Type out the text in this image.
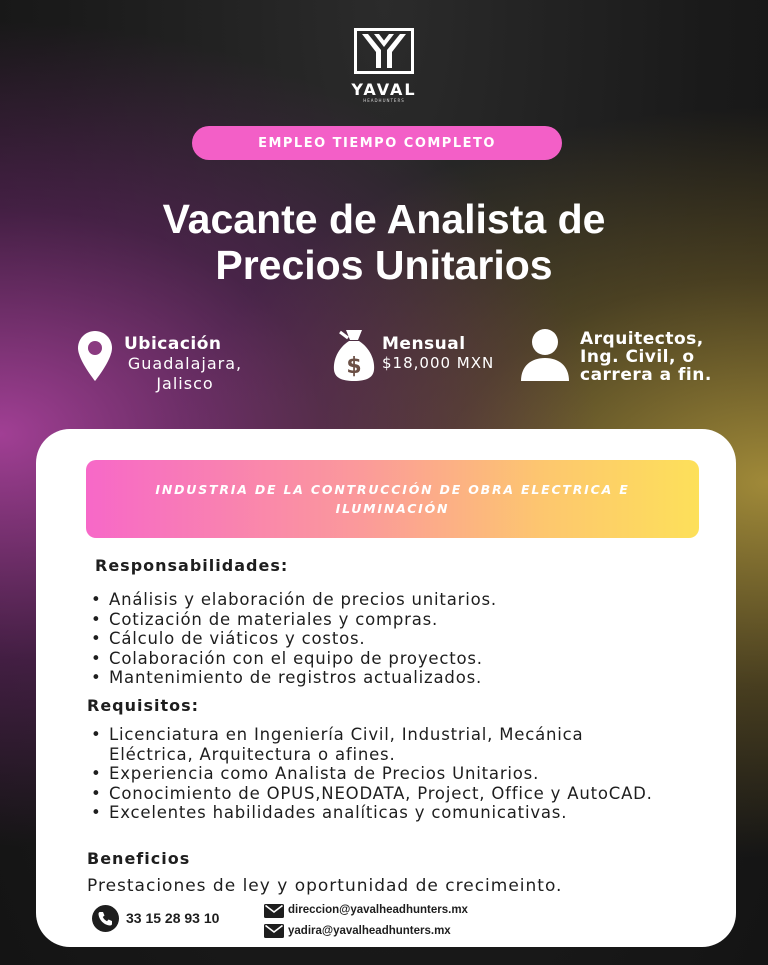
YAVAL
HEADHUNTERS
EMPLEO TIEMPO COMPLETO
Vacante de Analista de
Precios Unitarios
Ubicación
Guadalajara,
Jalisco
$
Mensual
$18,000 MXN
Arquitectos,
Ing. Civil, o
carrera a fin.
INDUSTRIA DE LA CONTRUCCIÓN DE OBRA ELECTRICA E ILUMINACIÓN
Responsabilidades:
• Análisis y elaboración de precios unitarios.
• Cotización de materiales y compras.
• Cálculo de viáticos y costos.
• Colaboración con el equipo de proyectos.
• Mantenimiento de registros actualizados.
Requisitos:
• Licenciatura en Ingeniería Civil, Industrial, Mecánica Eléctrica, Arquitectura o afines.
• Experiencia como Analista de Precios Unitarios.
• Conocimiento de OPUS,NEODATA, Project, Office y AutoCAD.
• Excelentes habilidades analíticas y comunicativas.
Beneficios
Prestaciones de ley y oportunidad de crecimeinto.
33 15 28 93 10	direccion@yavalheadhunters.mx
yadira@yavalheadhunters.mx
